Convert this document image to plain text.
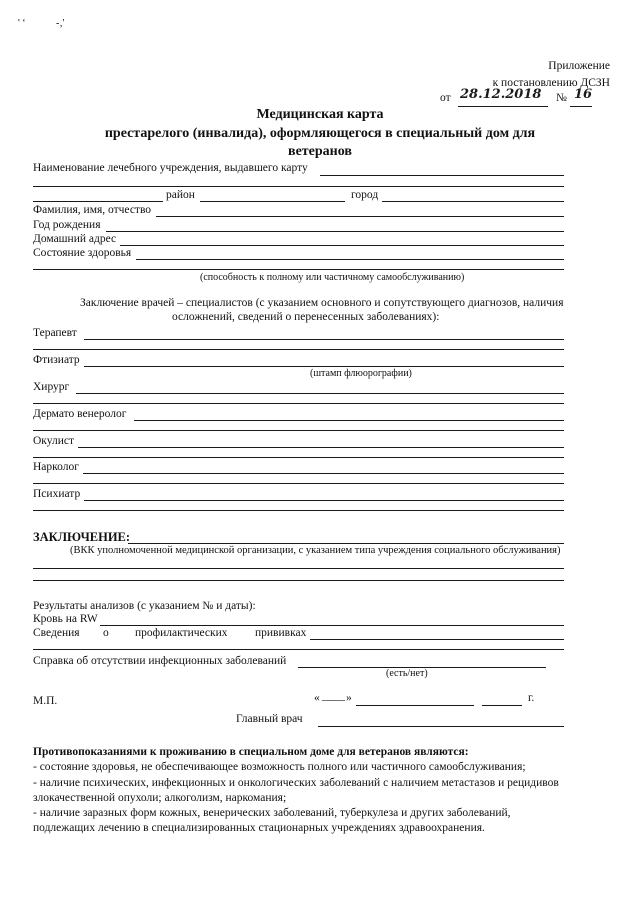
' ‘	-‚'
Приложение
к постановлению ДСЗН
от 28.12.2018 № 16
Медицинская карта
престарелого (инвалида), оформляющегося в специальный дом для
ветеранов
Наименование лечебного учреждения, выдавшего карту
район	город
Фамилия, имя, отчество
Год рождения
Домашний адрес
Состояние здоровья
(способность к полному или частичному самообслуживанию)
Заключение врачей – специалистов (с указанием основного и сопутствующего диагнозов, наличия
осложнений, сведений о перенесенных заболеваниях):
Терапевт
Фтизиатр
(штамп флюорографии)
Хирург
Дермато венеролог
Окулист
Нарколог
Психиатр
ЗАКЛЮЧЕНИЕ:
(ВКК уполномоченной медицинской организации, с указанием типа учреждения социального обслуживания)
Результаты анализов (с указанием № и даты):
Кровь на RW
Сведения о профилактических прививках
Справка об отсутствии инфекционных заболеваний
(есть/нет)
М.П.	« ____ »	г.
Главный врач
Противопоказаниями к проживанию в специальном доме для ветеранов являются:
- состояние здоровья, не обеспечивающее возможность полного или частичного самообслуживания;
- наличие психических, инфекционных и онкологических заболеваний с наличием метастазов и рецидивов
злокачественной опухоли; алкоголизм, наркомания;
- наличие заразных форм кожных, венерических заболеваний, туберкулеза и других заболеваний,
подлежащих лечению в специализированных стационарных учреждениях здравоохранения.
